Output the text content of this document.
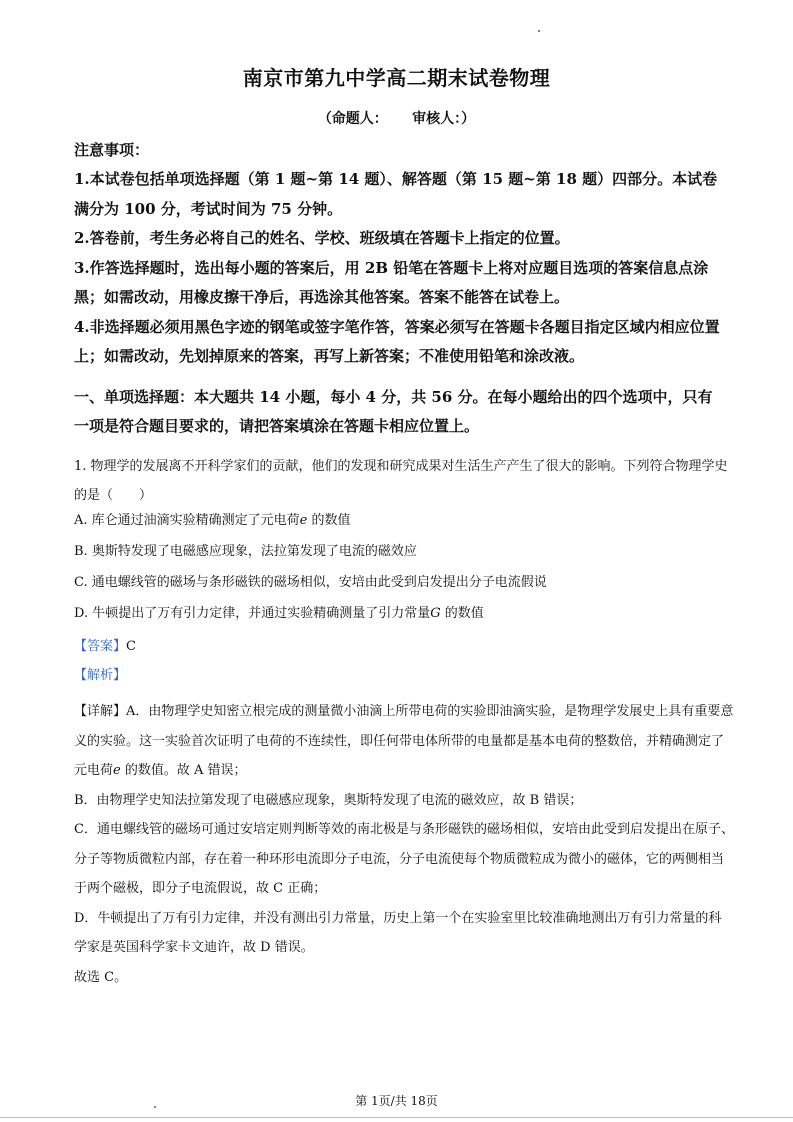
南京市第九中学高二期末试卷物理
（命题人：     审核人：）
注意事项：

1.本试卷包括单项选择题（第 1 题~第 14 题）、解答题（第 15 题~第 18 题）四部分。本试卷满分为 100 分，考试时间为 75 分钟。

2.答卷前，考生务必将自己的姓名、学校、班级填在答题卡上指定的位置。

3.作答选择题时，选出每小题的答案后，用 2B 铅笔在答题卡上将对应题目选项的答案信息点涂黑；如需改动，用橡皮擦干净后，再选涂其他答案。答案不能答在试卷上。

4.非选择题必须用黑色字迹的钢笔或签字笔作答，答案必须写在答题卡各题目指定区域内相应位置上；如需改动，先划掉原来的答案，再写上新答案；不准使用铅笔和涂改液。

一、单项选择题：本大题共 14 小题，每小 4 分，共 56 分。在每小题给出的四个选项中，只有一项是符合题目要求的，请把答案填涂在答题卡相应位置上。

1. 物理学的发展离不开科学家们的贡献，他们的发现和研究成果对生活生产产生了很大的影响。下列符合物理学史的是（　　）

A. 库仑通过油滴实验精确测定了元电荷e 的数值
B. 奥斯特发现了电磁感应现象，法拉第发现了电流的磁效应
C. 通电螺线管的磁场与条形磁铁的磁场相似，安培由此受到启发提出分子电流假说
D. 牛顿提出了万有引力定律，并通过实验精确测量了引力常量G 的数值
【答案】C
【解析】

【详解】A．由物理学史知密立根完成的测量微小油滴上所带电荷的实验即油滴实验，是物理学发展史上具有重要意义的实验。这一实验首次证明了电荷的不连续性，即任何带电体所带的电量都是基本电荷的整数倍，并精确测定了元电荷e 的数值。故 A 错误；

B．由物理学史知法拉第发现了电磁感应现象，奥斯特发现了电流的磁效应，故 B 错误；

C．通电螺线管的磁场可通过安培定则判断等效的南北极是与条形磁铁的磁场相似，安培由此受到启发提出在原子、分子等物质微粒内部，存在着一种环形电流即分子电流，分子电流使每个物质微粒成为微小的磁体，它的两侧相当于两个磁极，即分子电流假说，故 C 正确；

D．牛顿提出了万有引力定律，并没有测出引力常量，历史上第一个在实验室里比较准确地测出万有引力常量的科学家是英国科学家卡文迪许，故 D 错误。

故选 C。

第 1页/共 18页
